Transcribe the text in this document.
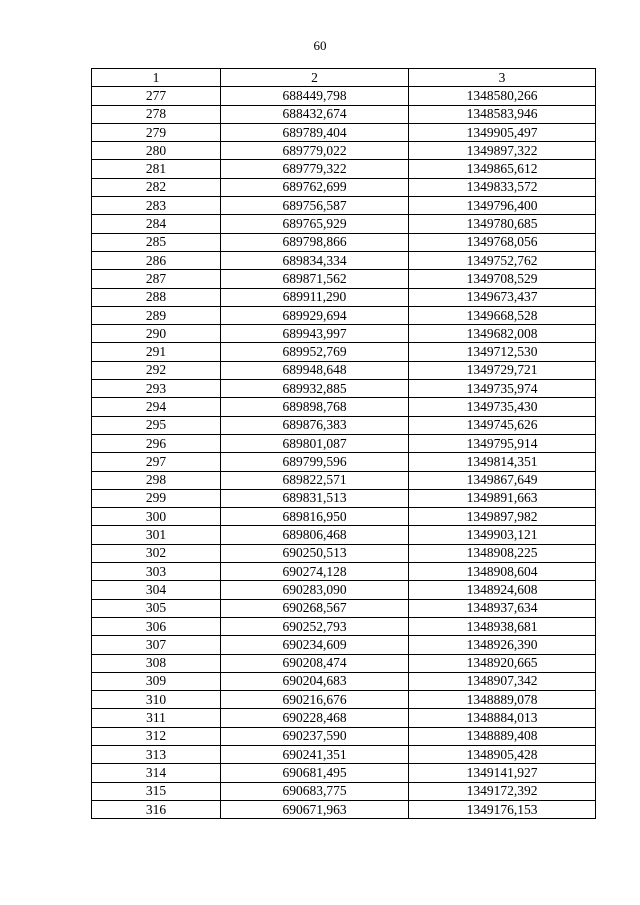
60
1	2	3
277	688449,798	1348580,266
278	688432,674	1348583,946
279	689789,404	1349905,497
280	689779,022	1349897,322
281	689779,322	1349865,612
282	689762,699	1349833,572
283	689756,587	1349796,400
284	689765,929	1349780,685
285	689798,866	1349768,056
286	689834,334	1349752,762
287	689871,562	1349708,529
288	689911,290	1349673,437
289	689929,694	1349668,528
290	689943,997	1349682,008
291	689952,769	1349712,530
292	689948,648	1349729,721
293	689932,885	1349735,974
294	689898,768	1349735,430
295	689876,383	1349745,626
296	689801,087	1349795,914
297	689799,596	1349814,351
298	689822,571	1349867,649
299	689831,513	1349891,663
300	689816,950	1349897,982
301	689806,468	1349903,121
302	690250,513	1348908,225
303	690274,128	1348908,604
304	690283,090	1348924,608
305	690268,567	1348937,634
306	690252,793	1348938,681
307	690234,609	1348926,390
308	690208,474	1348920,665
309	690204,683	1348907,342
310	690216,676	1348889,078
311	690228,468	1348884,013
312	690237,590	1348889,408
313	690241,351	1348905,428
314	690681,495	1349141,927
315	690683,775	1349172,392
316	690671,963	1349176,153
